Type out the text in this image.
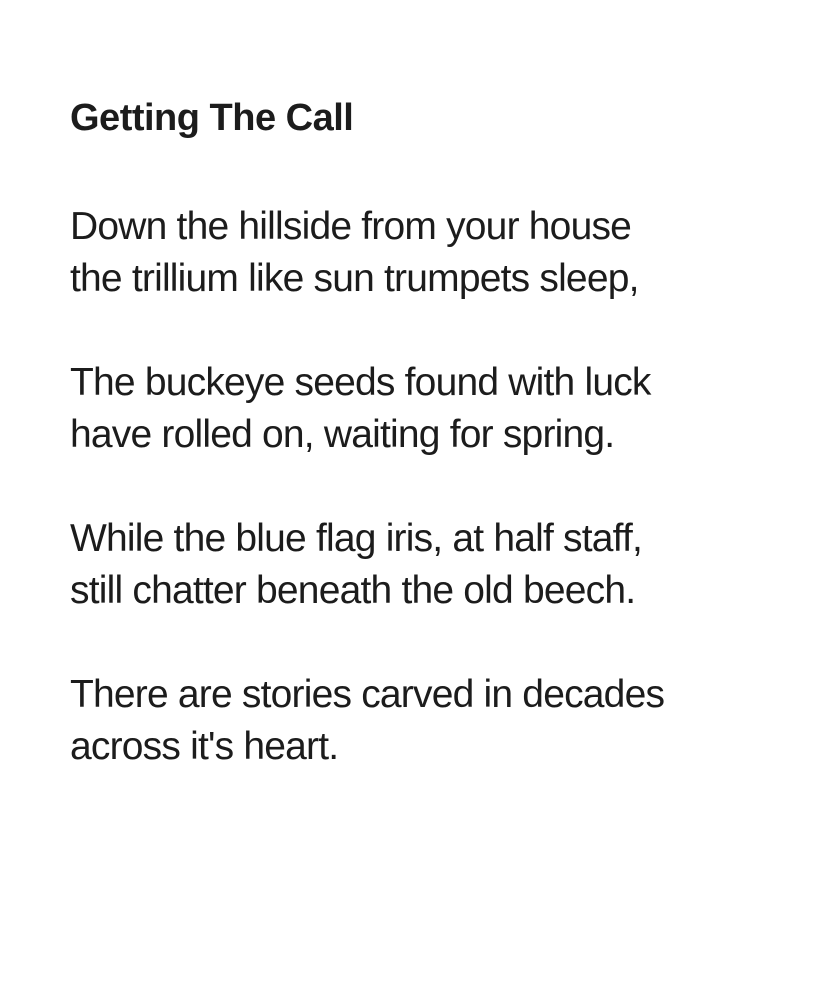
Getting The Call
Down the hillside from your house
the trillium like sun trumpets sleep,
The buckeye seeds found with luck
have rolled on, waiting for spring.
While the blue flag iris, at half staff,
still chatter beneath the old beech.
There are stories carved in decades
across it's heart.
